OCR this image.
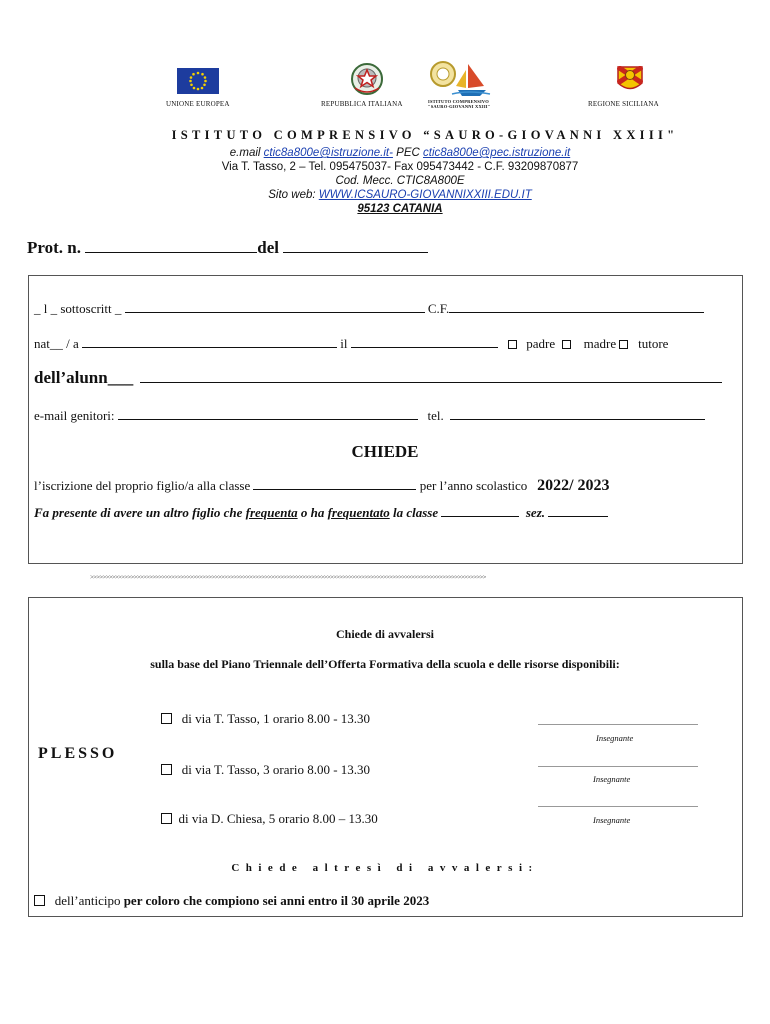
UNIONE EUROPEA	REPUBBLICA ITALIANA	ISTITUTO COMPRENSIVO
"SAURO-GIOVANNI XXIII"	REGIONE SICILIANA
ISTITUTO COMPRENSIVO “SAURO-GIOVANNI XXIII"
e.mail ctic8a800e@istruzione.it- PEC ctic8a800e@pec.istruzione.it
Via T. Tasso, 2 – Tel. 095475037- Fax 095473442 - C.F. 93209870877
Cod. Mecc. CTIC8A800E
Sito web: WWW.ICSAURO-GIOVANNIXXIII.EDU.IT
95123 CATANIA
Prot. n.	del
_ l _ sottoscritt _	C.F.
nat__ / a	il	padre madre tutore
dell’alunn___
e-mail genitori:	tel.
CHIEDE
l’iscrizione del proprio figlio/a alla classe	per l’anno scolastico 2022/ 2023
Fa presente di avere un altro figlio che frequenta o ha frequentato la classe	sez.
>>>>>>>>>>>>>>>>>>>>>>>>>>>>>>>>>>>>>>>>>>>>>>>>>>>>>>>>>>>>>>>>>>>>>>>>>>>>>>>>>>>>>>>>>>>>>>>>>>>>>>>>>>>>>>>>>>>>>>>>>>>>>>>
Chiede di avvalersi
sulla base del Piano Triennale dell’Offerta Formativa della scuola e delle risorse disponibili:
PLESSO
di via T. Tasso, 1 orario 8.00 - 13.30
di via T. Tasso, 3 orario 8.00 - 13.30
di via D. Chiesa, 5 orario 8.00 – 13.30
Insegnante
Insegnante
Insegnante
Chiede altresì di avvalersi:
dell’anticipo per coloro che compiono sei anni entro il 30 aprile 2023
